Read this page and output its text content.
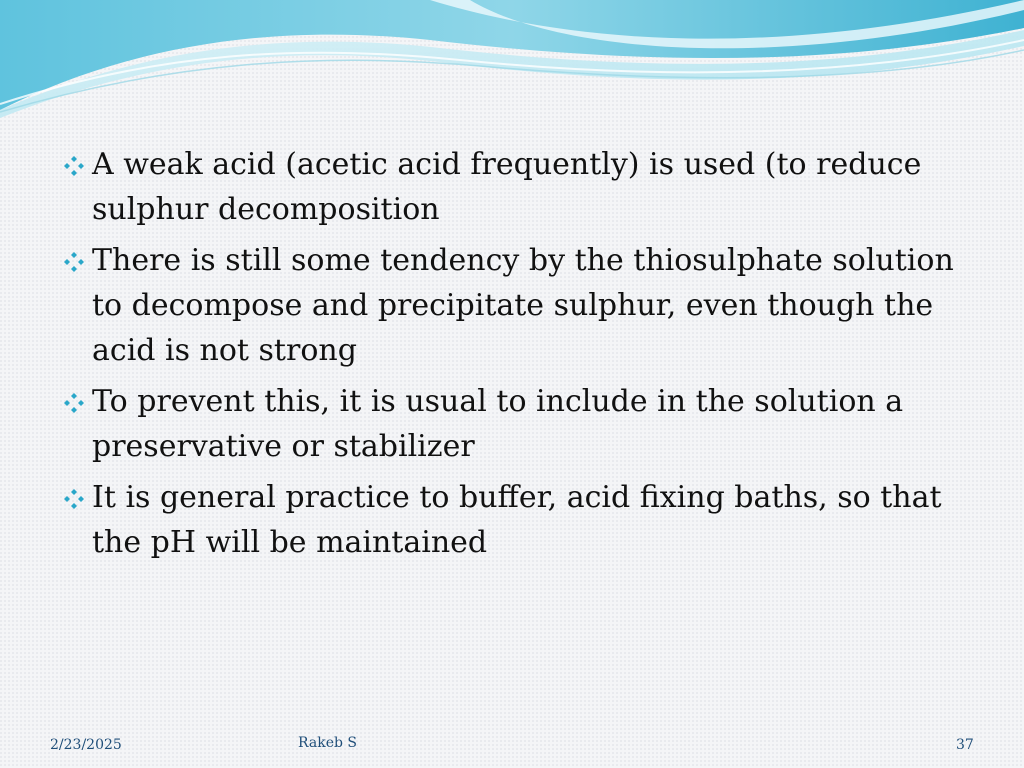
A weak acid (acetic acid frequently) is used (to reduce sulphur decomposition
There is still some tendency by the thiosulphate solution to decompose and precipitate sulphur, even though the acid is not strong
To prevent this, it is usual to include in the solution a preservative or stabilizer
It is general practice to buffer, acid fixing baths, so that the pH will be maintained
2/23/2025	Rakeb S	37
